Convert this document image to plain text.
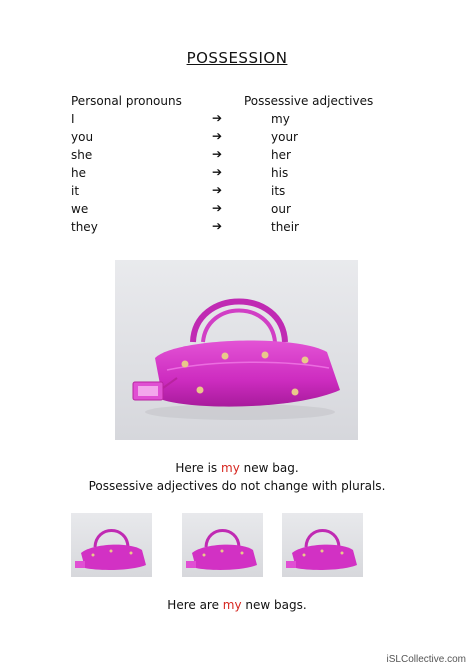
POSSESSION
Personal pronouns	Possessive adjectives
I	➔	my
you	➔	your
she	➔	her
he	➔	his
it	➔	its
we	➔	our
they	➔	their
Here is my new bag.
Possessive adjectives do not change with plurals.
Here are my new bags.
iSLCollective.com
